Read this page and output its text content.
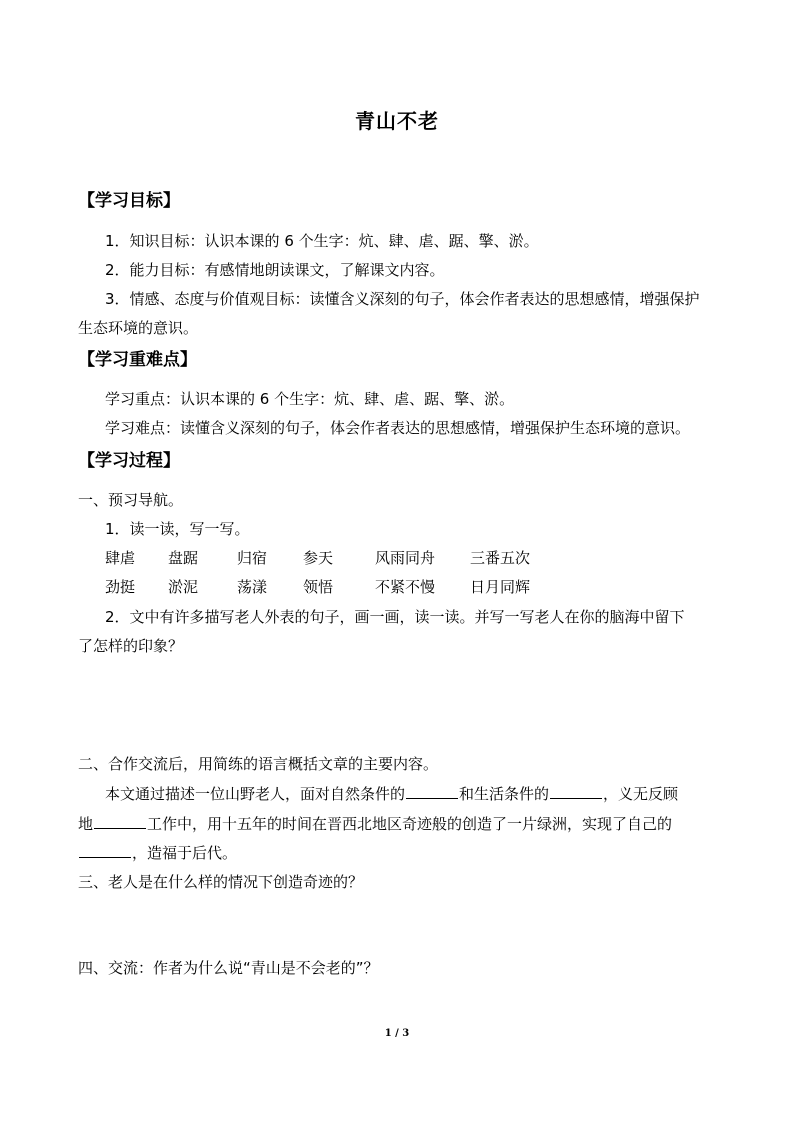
青山不老
【学习目标】
1．知识目标：认识本课的 6 个生字：炕、肆、虐、踞、擎、淤。
2．能力目标：有感情地朗读课文，了解课文内容。
3．情感、态度与价值观目标：读懂含义深刻的句子，体会作者表达的思想感情，增强保护
生态环境的意识。
【学习重难点】
学习重点：认识本课的 6 个生字：炕、肆、虐、踞、擎、淤。
学习难点：读懂含义深刻的句子，体会作者表达的思想感情，增强保护生态环境的意识。
【学习过程】
一、预习导航。
1．读一读，写一写。
肆虐 盘踞	归宿 参天	风雨同舟 三番五次
劲挺 淤泥	荡漾 领悟	不紧不慢 日月同辉
2．文中有许多描写老人外表的句子，画一画，读一读。并写一写老人在你的脑海中留下
了怎样的印象？
二、合作交流后，用简练的语言概括文章的主要内容。
本文通过描述一位山野老人，面对自然条件的	和生活条件的	，义无反顾
地	工作中，用十五年的时间在晋西北地区奇迹般的创造了一片绿洲，实现了自己的
，造福于后代。
三、老人是在什么样的情况下创造奇迹的？
四、交流：作者为什么说“青山是不会老的”？
1 / 3
